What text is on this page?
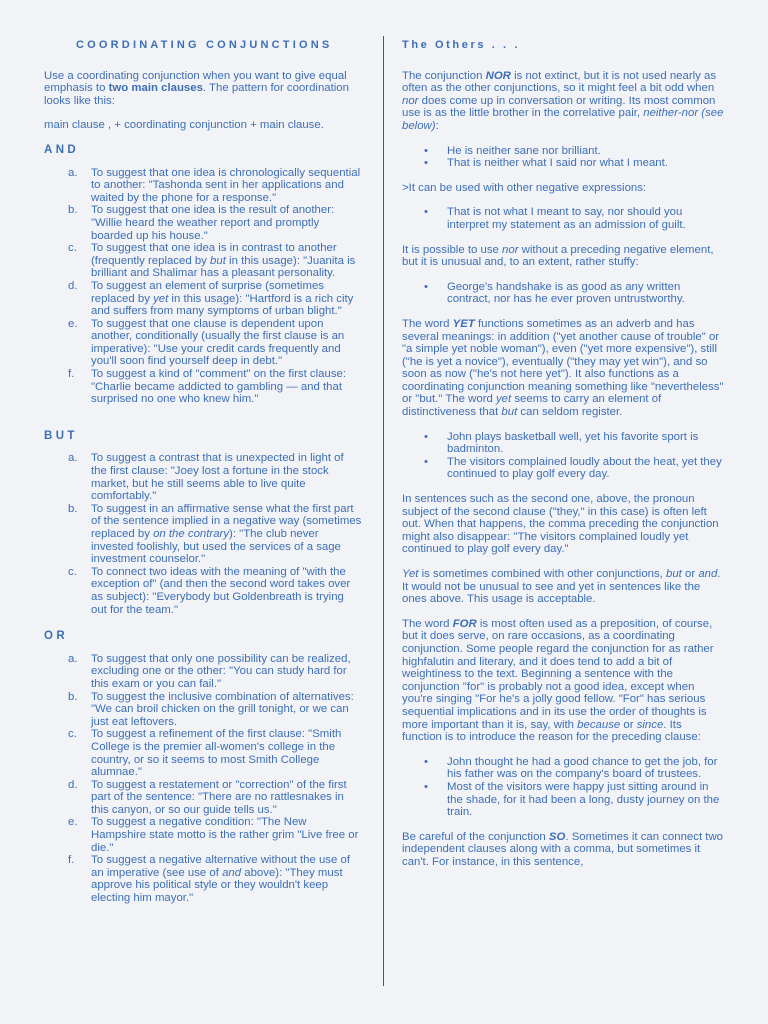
COORDINATING CONJUNCTIONS

Use a coordinating conjunction when you want to give equal emphasis to two main clauses. The pattern for coordination looks like this:

main clause , + coordinating conjunction + main clause.

AND
a. To suggest that one idea is chronologically sequential to another: "Tashonda sent in her applications and waited by the phone for a response."
b. To suggest that one idea is the result of another: "Willie heard the weather report and promptly boarded up his house."
c. To suggest that one idea is in contrast to another (frequently replaced by but in this usage): "Juanita is brilliant and Shalimar has a pleasant personality.
d. To suggest an element of surprise (sometimes replaced by yet in this usage): "Hartford is a rich city and suffers from many symptoms of urban blight."
e. To suggest that one clause is dependent upon another, conditionally (usually the first clause is an imperative): "Use your credit cards frequently and you'll soon find yourself deep in debt."
f. To suggest a kind of "comment" on the first clause: "Charlie became addicted to gambling — and that surprised no one who knew him."
BUT
a. To suggest a contrast that is unexpected in light of the first clause: "Joey lost a fortune in the stock market, but he still seems able to live quite comfortably."
b. To suggest in an affirmative sense what the first part of the sentence implied in a negative way (sometimes replaced by on the contrary): "The club never invested foolishly, but used the services of a sage investment counselor."
c. To connect two ideas with the meaning of "with the exception of" (and then the second word takes over as subject): "Everybody but Goldenbreath is trying out for the team."
OR
a. To suggest that only one possibility can be realized, excluding one or the other: "You can study hard for this exam or you can fail."
b. To suggest the inclusive combination of alternatives: "We can broil chicken on the grill tonight, or we can just eat leftovers.
c. To suggest a refinement of the first clause: "Smith College is the premier all-women's college in the country, or so it seems to most Smith College alumnae."
d. To suggest a restatement or "correction" of the first part of the sentence: "There are no rattlesnakes in this canyon, or so our guide tells us."
e. To suggest a negative condition: "The New Hampshire state motto is the rather grim "Live free or die."
f. To suggest a negative alternative without the use of an imperative (see use of and above): "They must approve his political style or they wouldn't keep electing him mayor."
The Others . . .

The conjunction NOR is not extinct, but it is not used nearly as often as the other conjunctions, so it might feel a bit odd when nor does come up in conversation or writing. Its most common use is as the little brother in the correlative pair, neither-nor (see below):

• He is neither sane nor brilliant.
• That is neither what I said nor what I meant.

>It can be used with other negative expressions:

• That is not what I meant to say, nor should you interpret my statement as an admission of guilt.

It is possible to use nor without a preceding negative element, but it is unusual and, to an extent, rather stuffy:

• George's handshake is as good as any written contract, nor has he ever proven untrustworthy.

The word YET functions sometimes as an adverb and has several meanings: in addition ("yet another cause of trouble" or "a simple yet noble woman"), even ("yet more expensive"), still ("he is yet a novice"), eventually ("they may yet win"), and so soon as now ("he's not here yet"). It also functions as a coordinating conjunction meaning something like "nevertheless" or "but." The word yet seems to carry an element of distinctiveness that but can seldom register.

• John plays basketball well, yet his favorite sport is badminton.
• The visitors complained loudly about the heat, yet they continued to play golf every day.

In sentences such as the second one, above, the pronoun subject of the second clause ("they," in this case) is often left out. When that happens, the comma preceding the conjunction might also disappear: "The visitors complained loudly yet continued to play golf every day."

Yet is sometimes combined with other conjunctions, but or and. It would not be unusual to see and yet in sentences like the ones above. This usage is acceptable.

The word FOR is most often used as a preposition, of course, but it does serve, on rare occasions, as a coordinating conjunction. Some people regard the conjunction for as rather highfalutin and literary, and it does tend to add a bit of weightiness to the text. Beginning a sentence with the conjunction "for" is probably not a good idea, except when you're singing "For he's a jolly good fellow. "For" has serious sequential implications and in its use the order of thoughts is more important than it is, say, with because or since. Its function is to introduce the reason for the preceding clause:

• John thought he had a good chance to get the job, for his father was on the company's board of trustees.
• Most of the visitors were happy just sitting around in the shade, for it had been a long, dusty journey on the train.

Be careful of the conjunction SO. Sometimes it can connect two independent clauses along with a comma, but sometimes it can't. For instance, in this sentence,
